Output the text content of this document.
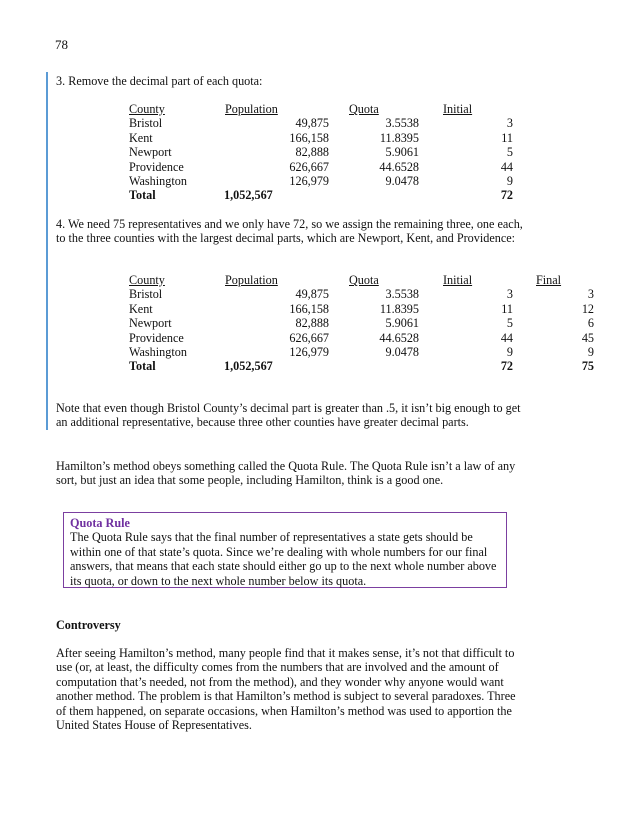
78
3. Remove the decimal part of each quota:
County	Population	Quota	Initial
Bristol	49,875	3.5538	3
Kent	166,158	11.8395	11
Newport	82,888	5.9061	5
Providence	626,667	44.6528	44
Washington	126,979	9.0478	9
Total	1,052,567		72
4. We need 75 representatives and we only have 72, so we assign the remaining three, one each, to the three counties with the largest decimal parts, which are Newport, Kent, and Providence:
County	Population	Quota	Initial	Final
Bristol	49,875	3.5538	3	3
Kent	166,158	11.8395	11	12
Newport	82,888	5.9061	5	6
Providence	626,667	44.6528	44	45
Washington	126,979	9.0478	9	9
Total	1,052,567		72	75
Note that even though Bristol County’s decimal part is greater than .5, it isn’t big enough to get an additional representative, because three other counties have greater decimal parts.
Hamilton’s method obeys something called the Quota Rule. The Quota Rule isn’t a law of any sort, but just an idea that some people, including Hamilton, think is a good one.
Quota Rule
The Quota Rule says that the final number of representatives a state gets should be within one of that state’s quota. Since we’re dealing with whole numbers for our final answers, that means that each state should either go up to the next whole number above its quota, or down to the next whole number below its quota.
Controversy
After seeing Hamilton’s method, many people find that it makes sense, it’s not that difficult to use (or, at least, the difficulty comes from the numbers that are involved and the amount of computation that’s needed, not from the method), and they wonder why anyone would want another method. The problem is that Hamilton’s method is subject to several paradoxes. Three of them happened, on separate occasions, when Hamilton’s method was used to apportion the United States House of Representatives.
